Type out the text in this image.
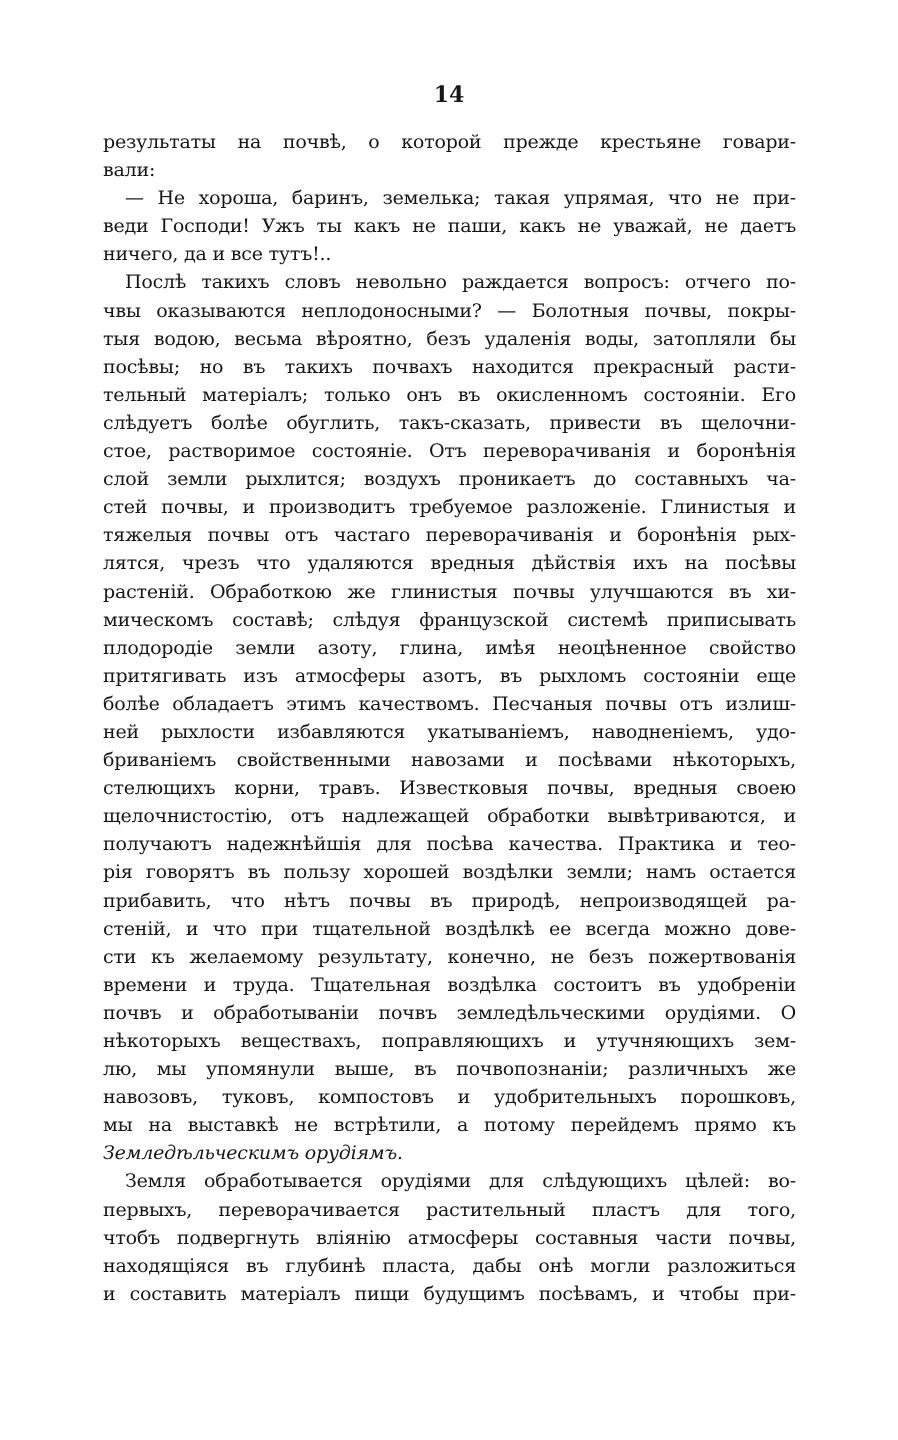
14
результаты на почвѣ, о которой прежде крестьяне говари-
вали:
— Не хороша, баринъ, земелька; такая упрямая, что не при-
веди Господи! Ужъ ты какъ не паши, какъ не уважай, не даетъ
ничего, да и все тутъ!..
Послѣ такихъ словъ невольно раждается вопросъ: отчего по-
чвы оказываются неплодоносными? — Болотныя почвы, покры-
тыя водою, весьма вѣроятно, безъ удаленія воды, затопляли бы
посѣвы; но въ такихъ почвахъ находится прекрасный расти-
тельный матеріалъ; только онъ въ окисленномъ состояніи. Его
слѣдуетъ болѣе обуглить, такъ-сказать, привести въ щелочни-
стое, растворимое состояніе. Отъ переворачиванія и боронѣнія
слой земли рыхлится; воздухъ проникаетъ до составныхъ ча-
стей почвы, и производитъ требуемое разложеніе. Глинистыя и
тяжелыя почвы отъ частаго переворачиванія и боронѣнія рых-
лятся, чрезъ что удаляются вредныя дѣйствія ихъ на посѣвы
растеній. Обработкою же глинистыя почвы улучшаются въ хи-
мическомъ составѣ; слѣдуя французской системѣ приписывать
плодородіе земли азоту, глина, имѣя неоцѣненное свойство
притягивать изъ атмосферы азотъ, въ рыхломъ состояніи еще
болѣе обладаетъ этимъ качествомъ. Песчаныя почвы отъ излиш-
ней рыхлости избавляются укатываніемъ, наводненіемъ, удо-
бриваніемъ свойственными навозами и посѣвами нѣкоторыхъ,
стелющихъ корни, травъ. Известковыя почвы, вредныя своею
щелочнистостію, отъ надлежащей обработки вывѣтриваются, и
получаютъ надежнѣйшія для посѣва качества. Практика и тео-
рія говорятъ въ пользу хорошей воздѣлки земли; намъ остается
прибавить, что нѣтъ почвы въ природѣ, непроизводящей ра-
стеній, и что при тщательной воздѣлкѣ ее всегда можно дове-
сти къ желаемому результату, конечно, не безъ пожертвованія
времени и труда. Тщательная воздѣлка состоитъ въ удобреніи
почвъ и обработываніи почвъ земледѣльческими орудіями. О
нѣкоторыхъ веществахъ, поправляющихъ и утучняющихъ зем-
лю, мы упомянули выше, въ почвопознаніи; различныхъ же
навозовъ, туковъ, компостовъ и удобрительныхъ порошковъ,
мы на выставкѣ не встрѣтили, а потому перейдемъ прямо къ
Земледѣльческимъ орудіямъ.
Земля обработывается орудіями для слѣдующихъ цѣлей: во-
первыхъ, переворачивается растительный пластъ для того,
чтобъ подвергнуть вліянію атмосферы составныя части почвы,
находящіяся въ глубинѣ пласта, дабы онѣ могли разложиться
и составить матеріалъ пищи будущимъ посѣвамъ, и чтобы при-
